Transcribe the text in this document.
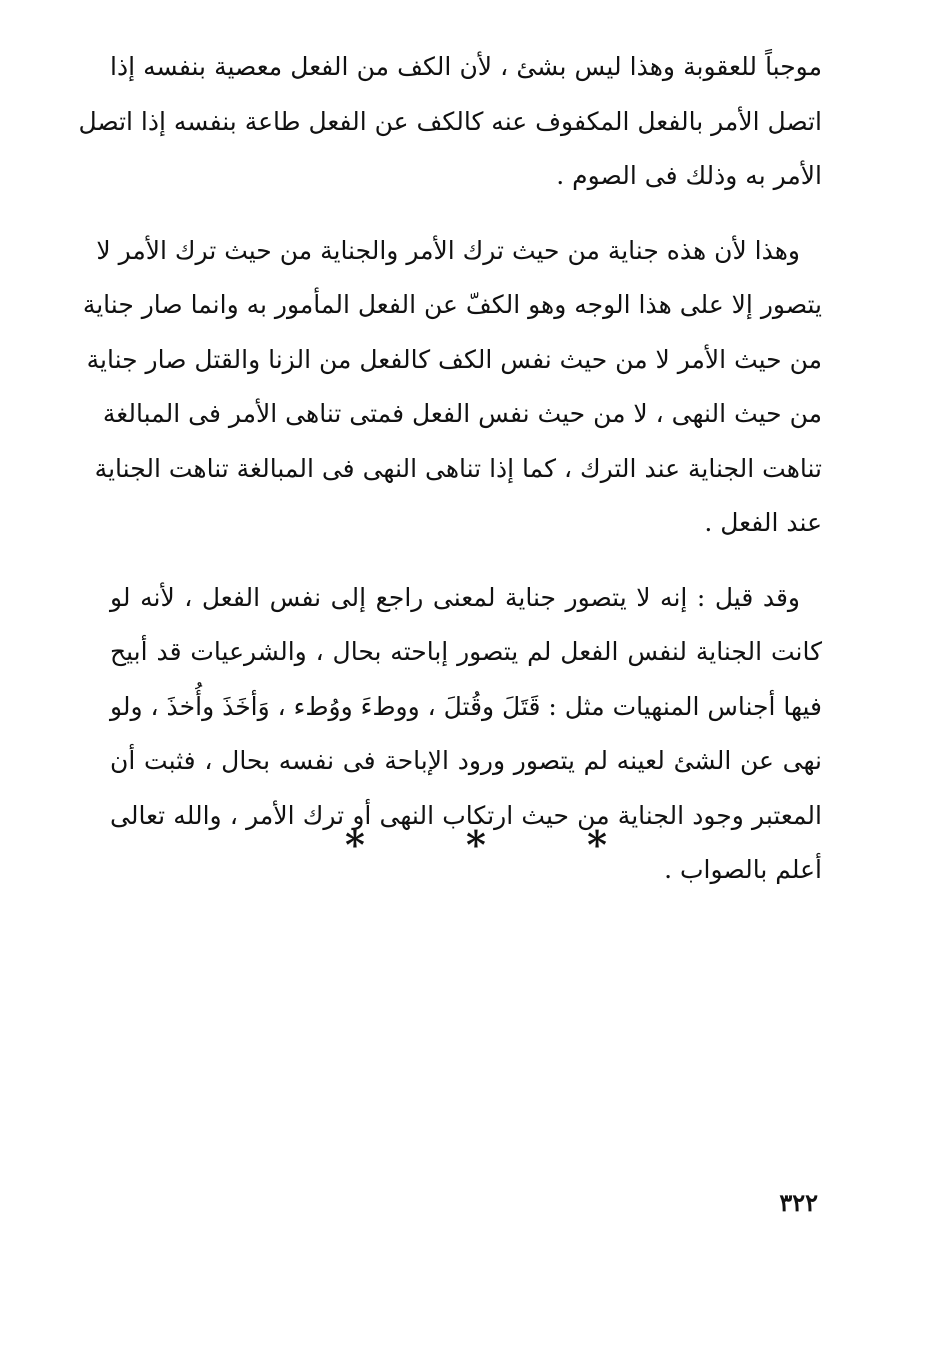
موجباً للعقوبة وهذا ليس بشئ ، لأن الكف من الفعل معصية بنفسه إذا
اتصل الأمر بالفعل المكفوف عنه كالكف عن الفعل طاعة بنفسه إذا اتصل
الأمر به وذلك فى الصوم .

وهذا لأن هذه جناية من حيث ترك الأمر والجناية من حيث ترك الأمر لا
يتصور إلا على هذا الوجه وهو الكفّ عن الفعل المأمور به وانما صار جناية
من حيث الأمر لا من حيث نفس الكف كالفعل من الزنا والقتل صار جناية
من حيث النهى ، لا من حيث نفس الفعل فمتى تناهى الأمر فى المبالغة
تناهت الجناية عند الترك ، كما إذا تناهى النهى فى المبالغة تناهت الجناية
عند الفعل .

وقد قيل : إنه لا يتصور جناية لمعنى راجع إلى نفس الفعل ، لأنه لو
كانت الجناية لنفس الفعل لم يتصور إباحته بحال ، والشرعيات قد أبيح
فيها أجناس المنهيات مثل : قَتَلَ وقُتلَ ، ووطءَ ووُطء ، وَأخَذَ وأُخذَ ، ولو
نهى عن الشئ لعينه لم يتصور ورود الإباحة فى نفسه بحال ، فثبت أن
المعتبر وجود الجناية من حيث ارتكاب النهى أو ترك الأمر ، والله تعالى
أعلم بالصواب .

* * *
٣٢٢
